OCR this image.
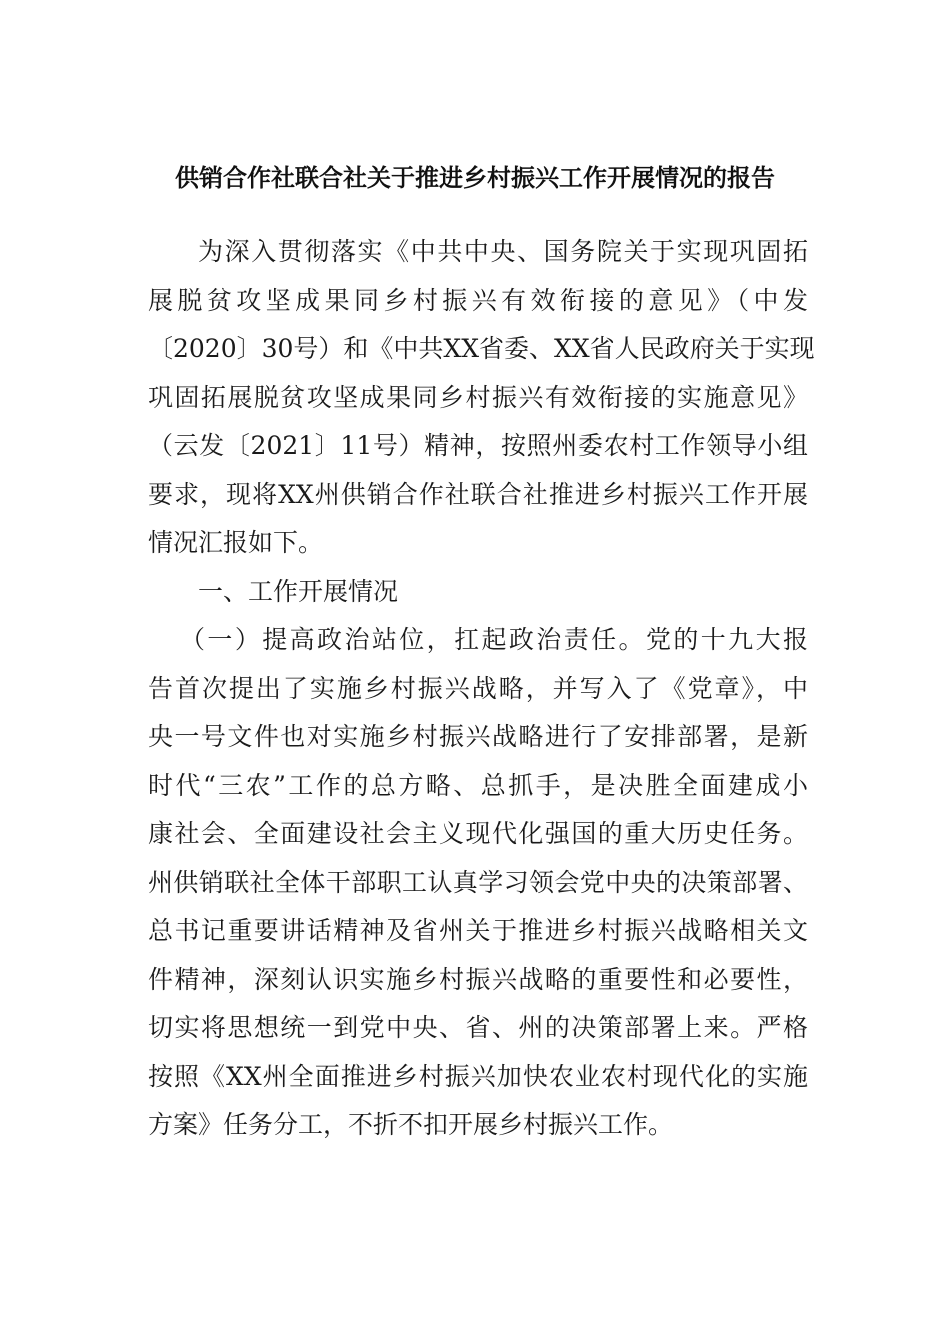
供销合作社联合社关于推进乡村振兴工作开展情况的报告
为深入贯彻落实《中共中央、国务院关于实现巩固拓
展脱贫攻坚成果同乡村振兴有效衔接的意见》（中发
〔2020〕30号）和《中共XX省委、XX省人民政府关于实现
巩固拓展脱贫攻坚成果同乡村振兴有效衔接的实施意见》
（云发〔2021〕11号）精神，按照州委农村工作领导小组
要求，现将XX州供销合作社联合社推进乡村振兴工作开展
情况汇报如下。
一、工作开展情况
（一）提高政治站位，扛起政治责任。党的十九大报
告首次提出了实施乡村振兴战略，并写入了《党章》，中
央一号文件也对实施乡村振兴战略进行了安排部署，是新
时代“三农”工作的总方略、总抓手，是决胜全面建成小
康社会、全面建设社会主义现代化强国的重大历史任务。
州供销联社全体干部职工认真学习领会党中央的决策部署、
总书记重要讲话精神及省州关于推进乡村振兴战略相关文
件精神，深刻认识实施乡村振兴战略的重要性和必要性，
切实将思想统一到党中央、省、州的决策部署上来。严格
按照《XX州全面推进乡村振兴加快农业农村现代化的实施
方案》任务分工，不折不扣开展乡村振兴工作。
